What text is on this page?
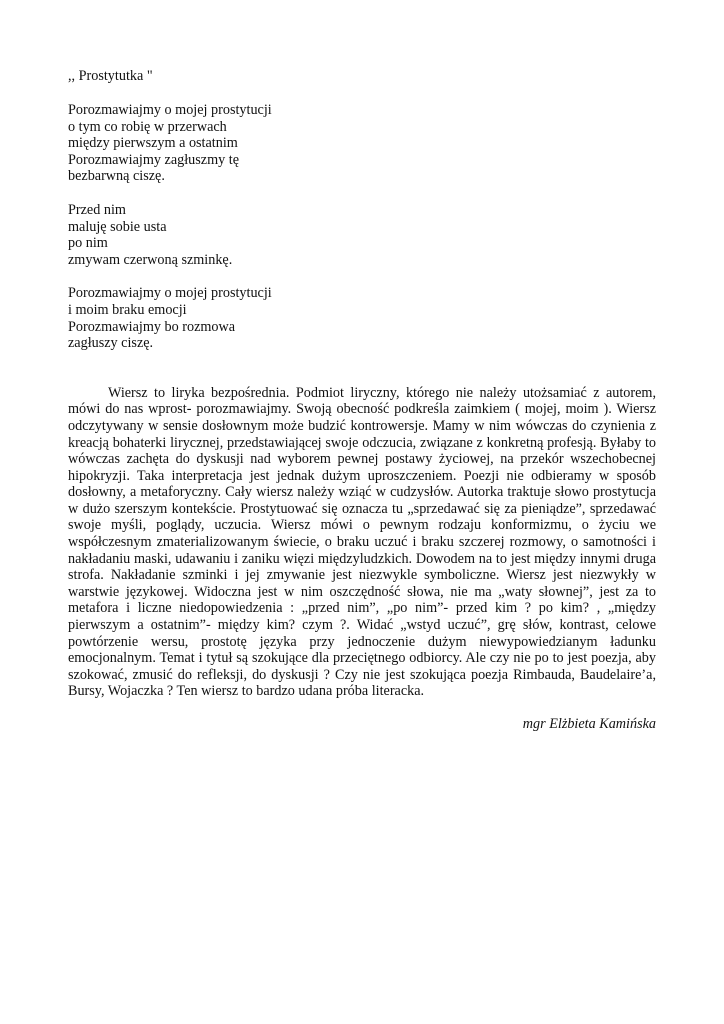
,, Prostytutka "
Porozmawiajmy o mojej prostytucji
o tym co robię w przerwach
między pierwszym a ostatnim
Porozmawiajmy zagłuszmy tę
bezbarwną ciszę.
Przed nim
maluję sobie usta
po nim
zmywam czerwoną szminkę.
Porozmawiajmy o mojej prostytucji
i moim braku emocji
Porozmawiajmy bo rozmowa
zagłuszy ciszę.

Wiersz to liryka bezpośrednia. Podmiot liryczny, którego nie należy utożsamiać z autorem, mówi do nas wprost- porozmawiajmy. Swoją obecność podkreśla zaimkiem ( mojej, moim ). Wiersz odczytywany w sensie dosłownym może budzić kontrowersje. Mamy w nim wówczas do czynienia z kreacją bohaterki lirycznej, przedstawiającej swoje odczucia, związane z konkretną profesją. Byłaby to wówczas zachęta do dyskusji nad wyborem pewnej postawy życiowej, na przekór wszechobecnej hipokryzji. Taka interpretacja jest jednak dużym uproszczeniem. Poezji nie odbieramy w sposób dosłowny, a metaforyczny. Cały wiersz należy wziąć w cudzysłów. Autorka traktuje słowo prostytucja w dużo szerszym kontekście. Prostytuować się oznacza tu „sprzedawać się za pieniądze”, sprzedawać swoje myśli, poglądy, uczucia. Wiersz mówi o pewnym rodzaju konformizmu, o życiu we współczesnym zmaterializowanym świecie, o braku uczuć i braku szczerej rozmowy, o samotności i nakładaniu maski, udawaniu i zaniku więzi międzyludzkich. Dowodem na to jest między innymi druga strofa. Nakładanie szminki i jej zmywanie jest niezwykle symboliczne. Wiersz jest niezwykły w warstwie językowej. Widoczna jest w nim oszczędność słowa, nie ma „waty słownej”, jest za to metafora i liczne niedopowiedzenia : „przed nim”, „po nim”- przed kim ? po kim? , „między pierwszym a ostatnim”- między kim? czym ?. Widać „wstyd uczuć”, grę słów, kontrast, celowe powtórzenie wersu, prostotę języka przy jednoczenie dużym niewypowiedzianym ładunku emocjonalnym. Temat i tytuł są szokujące dla przeciętnego odbiorcy. Ale czy nie po to jest poezja, aby szokować, zmusić do refleksji, do dyskusji ? Czy nie jest szokująca poezja Rimbauda, Baudelaire’a, Bursy, Wojaczka ? Ten wiersz to bardzo udana próba literacka.

mgr Elżbieta Kamińska
